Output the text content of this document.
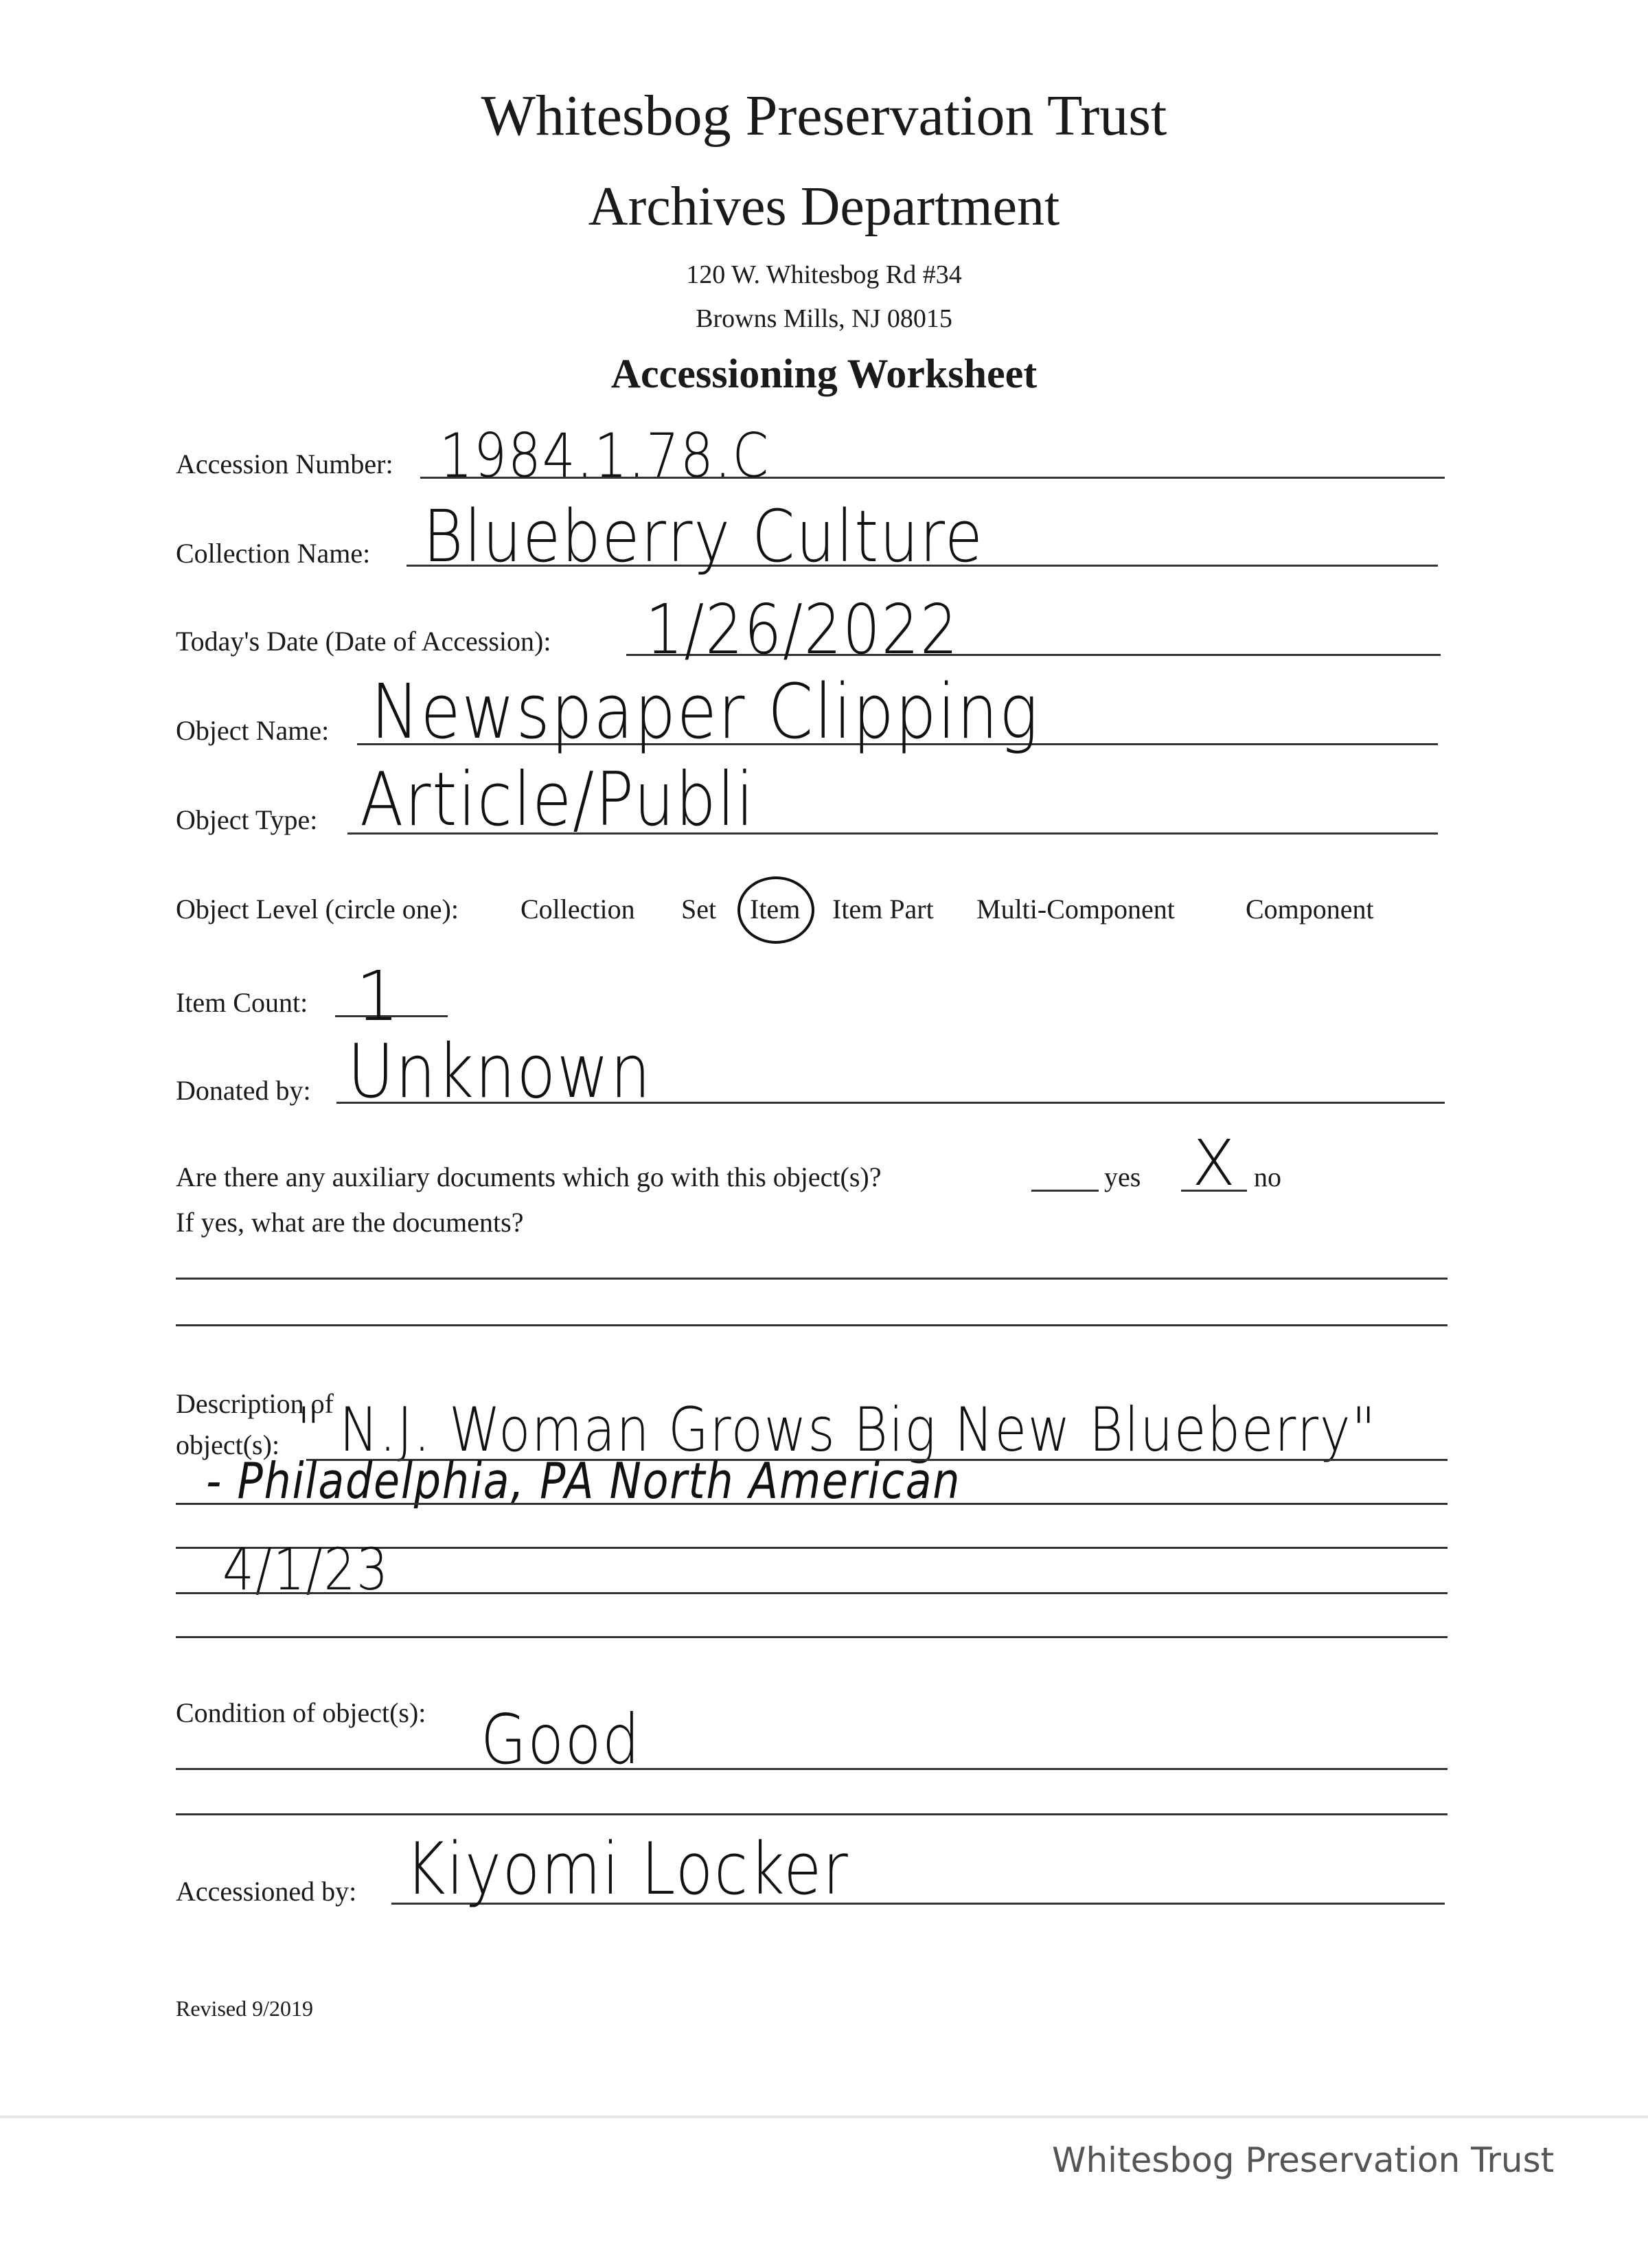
Whitesbog Preservation Trust
Archives Department
120 W. Whitesbog Rd #34
Browns Mills, NJ 08015
Accessioning Worksheet
Accession Number: 1984.1.78.C
Collection Name: Blueberry Culture
Today's Date (Date of Accession): 1/26/2022
Object Name: Newspaper Clipping
Object Type: Article/Publi
Object Level (circle one): Collection Set Item Item Part Multi-Component	Component
Item Count: 1
Donated by: Unknown
Are there any auxiliary documents which go with this object(s)?	yes X no
If yes, what are the documents?
Description of
object(s): " N.J. Woman Grows Big New Blueberry"
- Philadelphia, PA North American
4/1/23
Condition of object(s): Good
Accessioned by: Kiyomi Locker
Revised 9/2019
Whitesbog Preservation Trust
